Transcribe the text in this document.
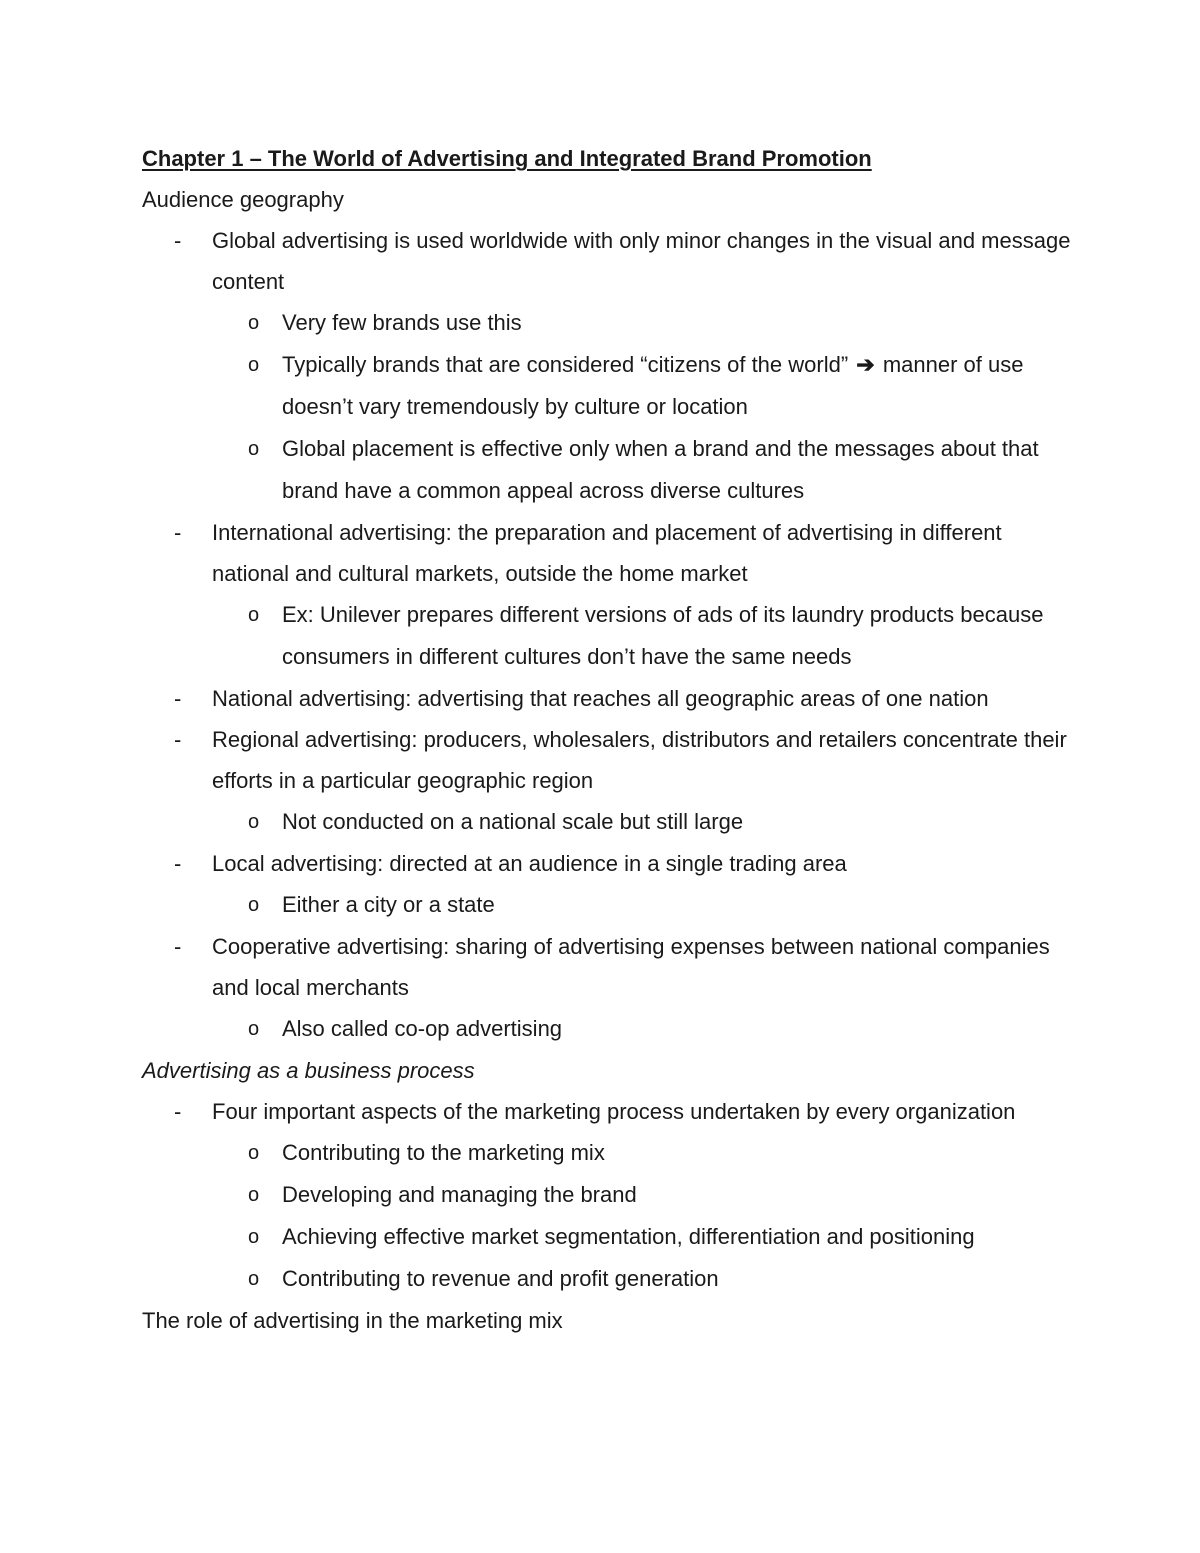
Chapter 1 – The World of Advertising and Integrated Brand Promotion
Audience geography
- Global advertising is used worldwide with only minor changes in the visual and message content
o Very few brands use this
o Typically brands that are considered “citizens of the world” ➔ manner of use doesn’t vary tremendously by culture or location
o Global placement is effective only when a brand and the messages about that brand have a common appeal across diverse cultures
- International advertising: the preparation and placement of advertising in different national and cultural markets, outside the home market
o Ex: Unilever prepares different versions of ads of its laundry products because consumers in different cultures don’t have the same needs
- National advertising: advertising that reaches all geographic areas of one nation
- Regional advertising: producers, wholesalers, distributors and retailers concentrate their efforts in a particular geographic region
o Not conducted on a national scale but still large
- Local advertising: directed at an audience in a single trading area
o Either a city or a state
- Cooperative advertising: sharing of advertising expenses between national companies and local merchants
o Also called co-op advertising
Advertising as a business process
- Four important aspects of the marketing process undertaken by every organization
o Contributing to the marketing mix
o Developing and managing the brand
o Achieving effective market segmentation, differentiation and positioning
o Contributing to revenue and profit generation
The role of advertising in the marketing mix
